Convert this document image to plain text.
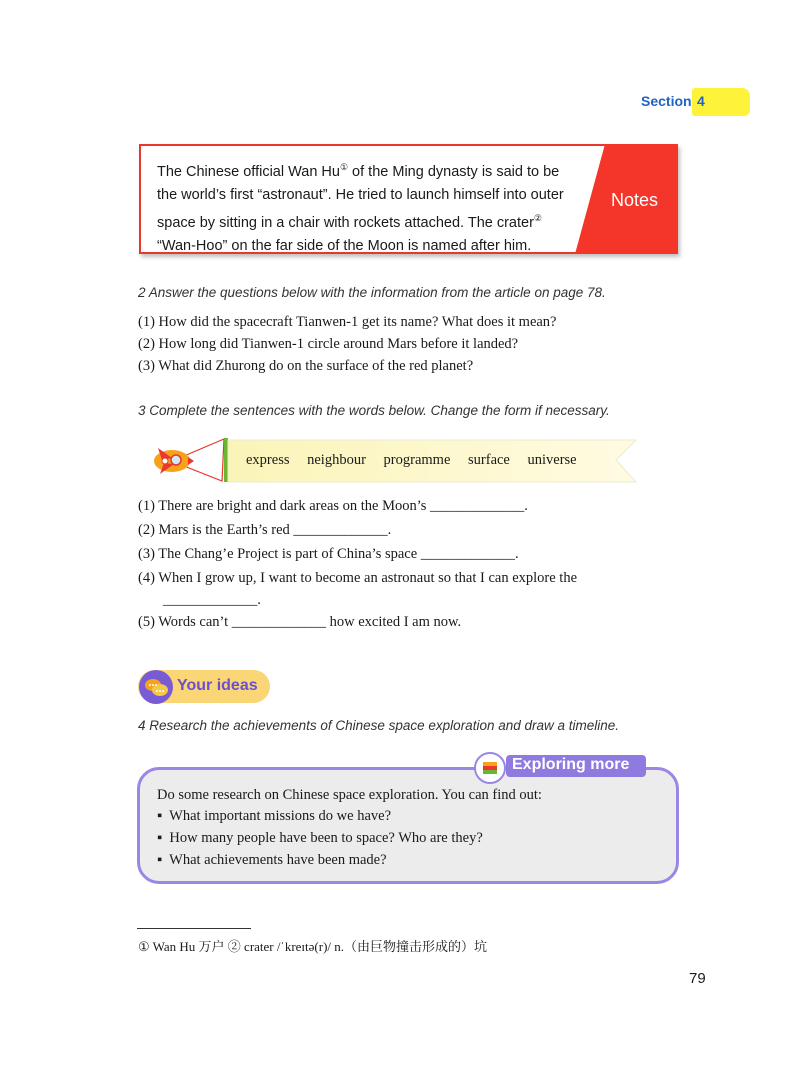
Section 4
The Chinese official Wan Hu① of the Ming dynasty is said to be
the world’s first “astronaut”. He tried to launch himself into outer
space by sitting in a chair with rockets attached. The crater②
“Wan-Hoo” on the far side of the Moon is named after him.
Notes
2 Answer the questions below with the information from the article on page 78.
(1) How did the spacecraft Tianwen-1 get its name? What does it mean?
(2) How long did Tianwen-1 circle around Mars before it landed?
(3) What did Zhurong do on the surface of the red planet?
3 Complete the sentences with the words below. Change the form if necessary.
express neighbour programme surface universe
(1) There are bright and dark areas on the Moon’s _____________.
(2) Mars is the Earth’s red _____________.
(3) The Chang’e Project is part of China’s space _____________.
(4) When I grow up, I want to become an astronaut so that I can explore the
_____________.
(5) Words can’t _____________ how excited I am now.
Your ideas
4 Research the achievements of Chinese space exploration and draw a timeline.
Do some research on Chinese space exploration. You can find out:
▪  What important missions do we have?
▪  How many people have been to space? Who are they?
▪  What achievements have been made?
Exploring more
① Wan Hu 万户 ② crater /ˈkreɪtə(r)/ n.（由巨物撞击形成的）坑
79
